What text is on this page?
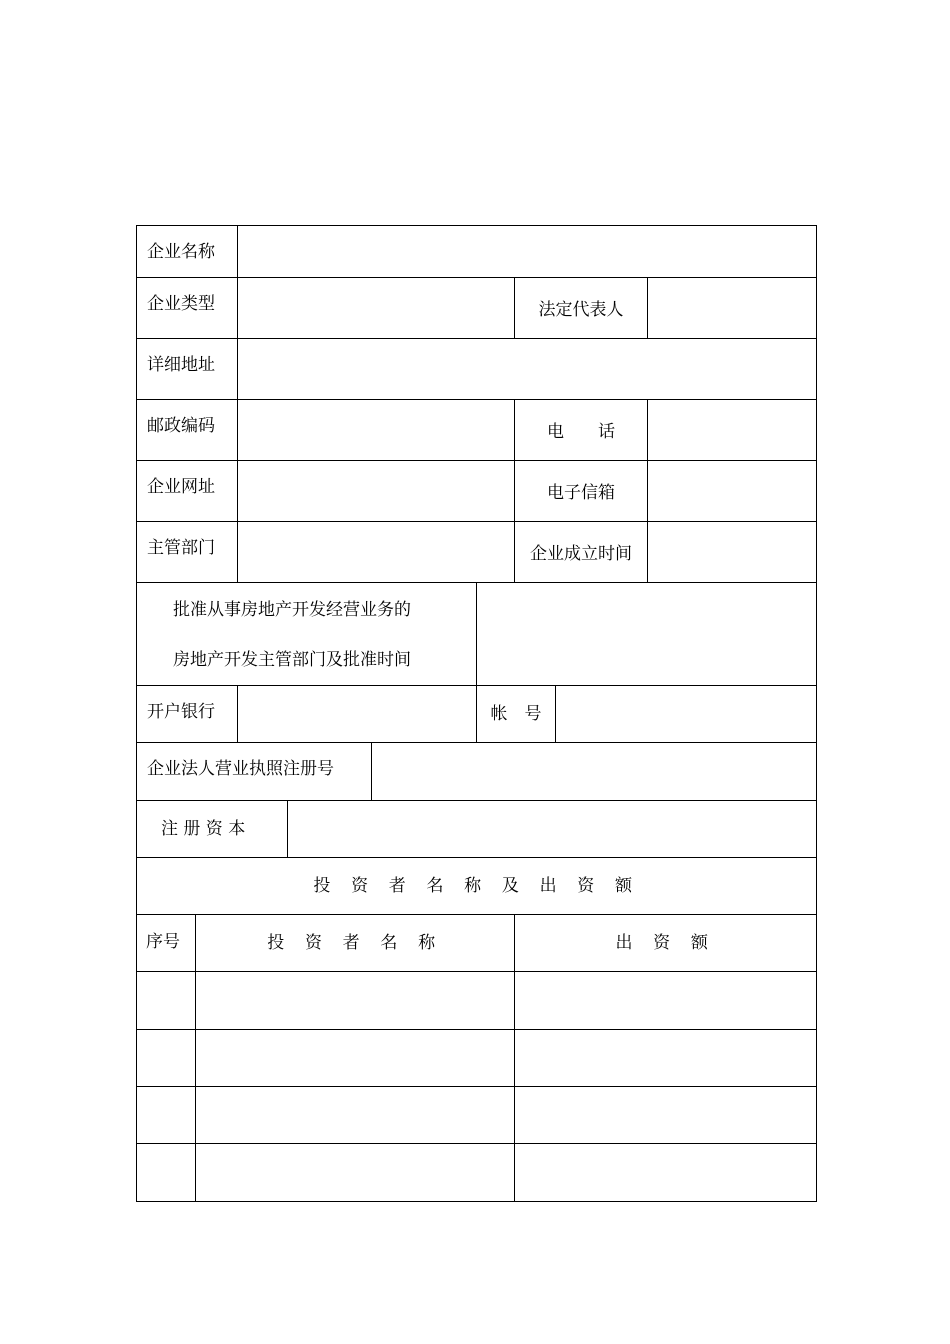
企业名称
企业类型	法定代表人
详细地址
邮政编码	电　　话
企业网址	电子信箱
主管部门	企业成立时间
批准从事房地产开发经营业务的
房地产开发主管部门及批准时间
开户银行	帐　号
企业法人营业执照注册号
注 册 资 本
投 资 者 名 称 及 出 资 额
序号	投 资 者 名 称	出 资 额
